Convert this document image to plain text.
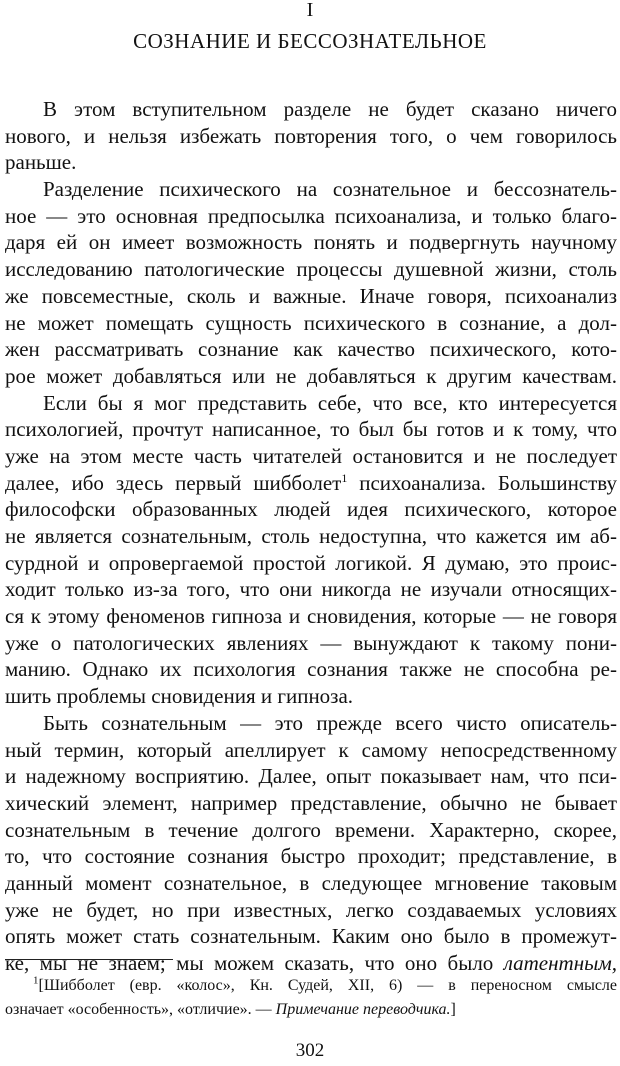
I
СОЗНАНИЕ И БЕССОЗНАТЕЛЬНОЕ
В этом вступительном разделе не будет сказано ничего
нового, и нельзя избежать повторения того, о чем говорилось
раньше.
Разделение психического на сознательное и бессознатель-
ное — это основная предпосылка психоанализа, и только благо-
даря ей он имеет возможность понять и подвергнуть научному
исследованию патологические процессы душевной жизни, столь
же повсеместные, сколь и важные. Иначе говоря, психоанализ
не может помещать сущность психического в сознание, а дол-
жен рассматривать сознание как качество психического, кото-
рое может добавляться или не добавляться к другим качествам.
Если бы я мог представить себе, что все, кто интересуется
психологией, прочтут написанное, то был бы готов и к тому, что
уже на этом месте часть читателей остановится и не последует
далее, ибо здесь первый шибболет$^1$ психоанализа. Большинству
философски образованных людей идея психического, которое
не является сознательным, столь недоступна, что кажется им аб-
сурдной и опровергаемой простой логикой. Я думаю, это проис-
ходит только из-за того, что они никогда не изучали относящих-
ся к этому феноменов гипноза и сновидения, которые — не говоря
уже о патологических явлениях — вынуждают к такому пони-
манию. Однако их психология сознания также не способна ре-
шить проблемы сновидения и гипноза.
Быть сознательным — это прежде всего чисто описатель-
ный термин, который апеллирует к самому непосредственному
и надежному восприятию. Далее, опыт показывает нам, что пси-
хический элемент, например представление, обычно не бывает
сознательным в течение долгого времени. Характерно, скорее,
то, что состояние сознания быстро проходит; представление, в
данный момент сознательное, в следующее мгновение таковым
уже не будет, но при известных, легко создаваемых условиях
опять может стать сознательным. Каким оно было в промежут-
ке, мы не знаем; мы можем сказать, что оно было латентным,
$^1$[Шибболет (евр. «колос», Кн. Судей, XII, 6) — в переносном смысле
означает «особенность», «отличие». — Примечание переводчика.]
302
